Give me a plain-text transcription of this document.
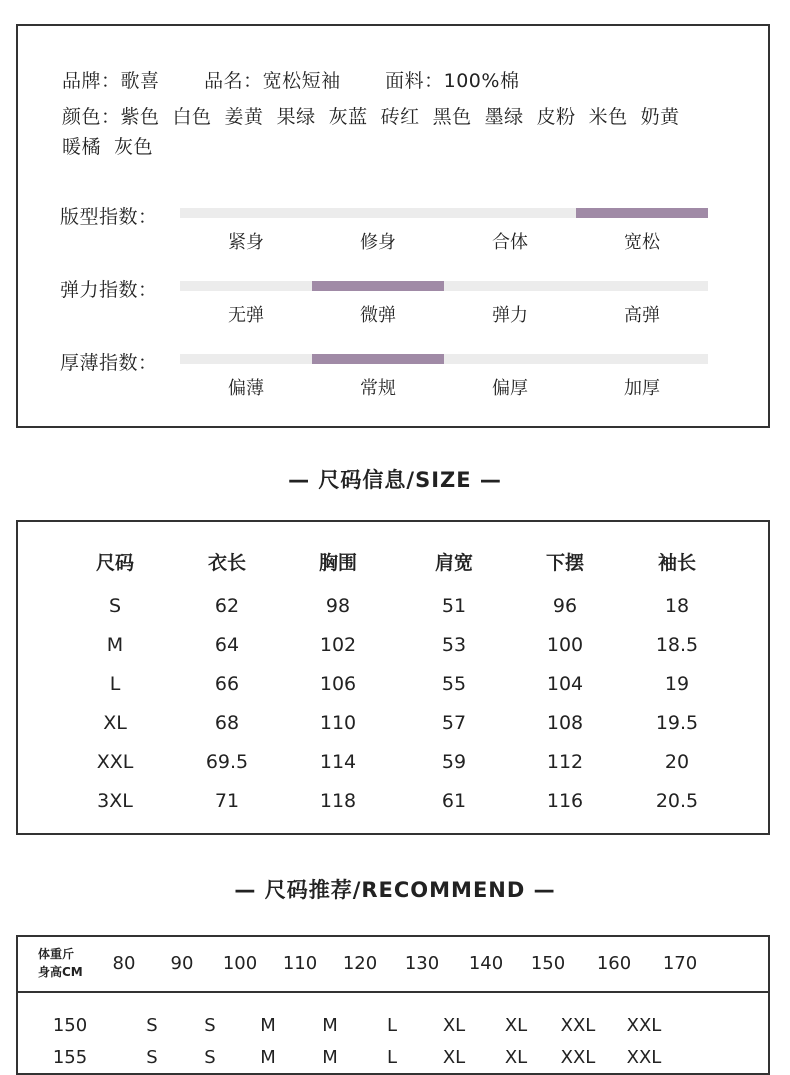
品牌：歌喜 品名：宽松短袖 面料：100%棉
颜色：紫色 白色 姜黄 果绿 灰蓝 砖红 黑色 墨绿 皮粉 米色 奶黄暖橘 灰色
版型指数：
紧身	修身	合体	宽松
弹力指数：
无弹	微弹	弹力	高弹
厚薄指数：
偏薄	常规	偏厚	加厚
— 尺码信息/SIZE —
尺码	衣长	胸围	肩宽	下摆	袖长
S	62	98	51	96	18
M	64	102	53	100	18.5
L	66	106	55	104	19
XL	68	110	57	108	19.5
XXL	69.5	114	59	112	20
3XL	71	118	61	116	20.5
— 尺码推荐/RECOMMEND —
体重斤
身高CM	80	90	100	110	120	130	140	150	160	170
150	S	S	M	M	L	XL	XL	XXL	XXL
155	S	S	M	M	L	XL	XL	XXL	XXL
